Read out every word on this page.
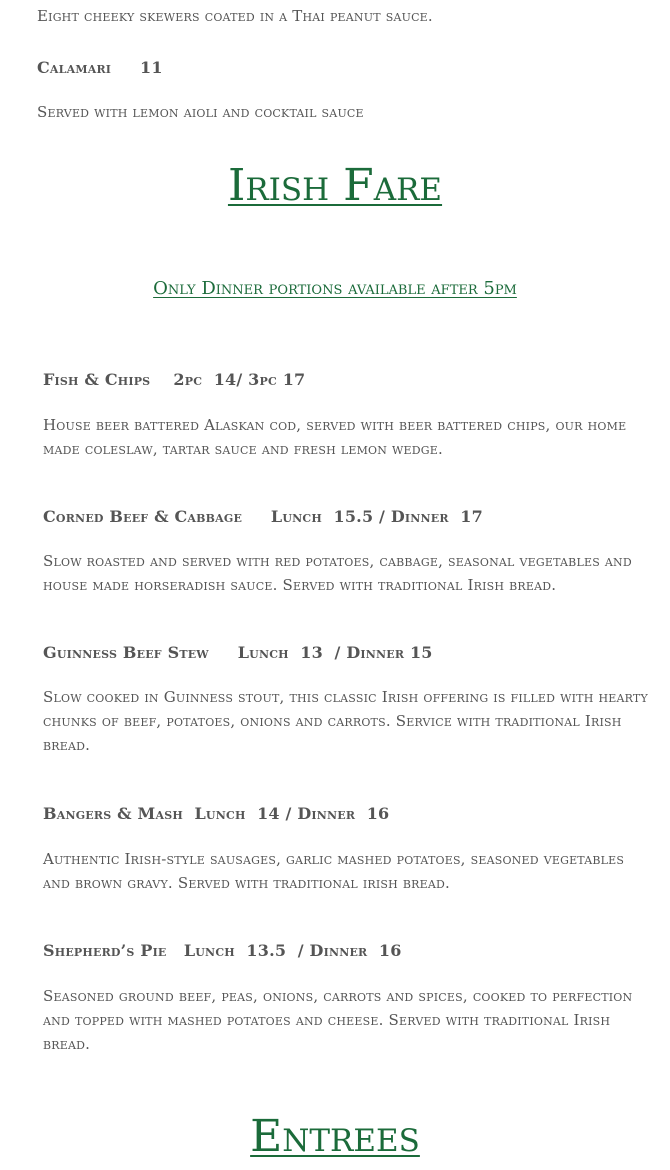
Eight cheeky skewers coated in a Thai peanut sauce.
Calamari     11
Served with lemon aioli and cocktail sauce
Irish Fare
Only Dinner portions available after 5pm
Fish & Chips    2pc  14/ 3pc 17
House beer battered Alaskan cod, served with beer battered chips, our home made coleslaw, tartar sauce and fresh lemon wedge.
Corned Beef & Cabbage     Lunch  15.5 / Dinner  17
Slow roasted and served with red potatoes, cabbage, seasonal vegetables and house made horseradish sauce. Served with traditional Irish bread.
Guinness Beef Stew     Lunch  13  / Dinner 15
Slow cooked in Guinness stout, this classic Irish offering is filled with hearty chunks of beef, potatoes, onions and carrots. Service with traditional Irish bread.
Bangers & Mash  Lunch  14 / Dinner  16
Authentic Irish-style sausages, garlic mashed potatoes, seasoned vegetables and brown gravy. Served with traditional irish bread.
Shepherd’s Pie   Lunch  13.5  / Dinner  16
Seasoned ground beef, peas, onions, carrots and spices, cooked to perfection and topped with mashed potatoes and cheese. Served with traditional Irish bread.
Entrees
